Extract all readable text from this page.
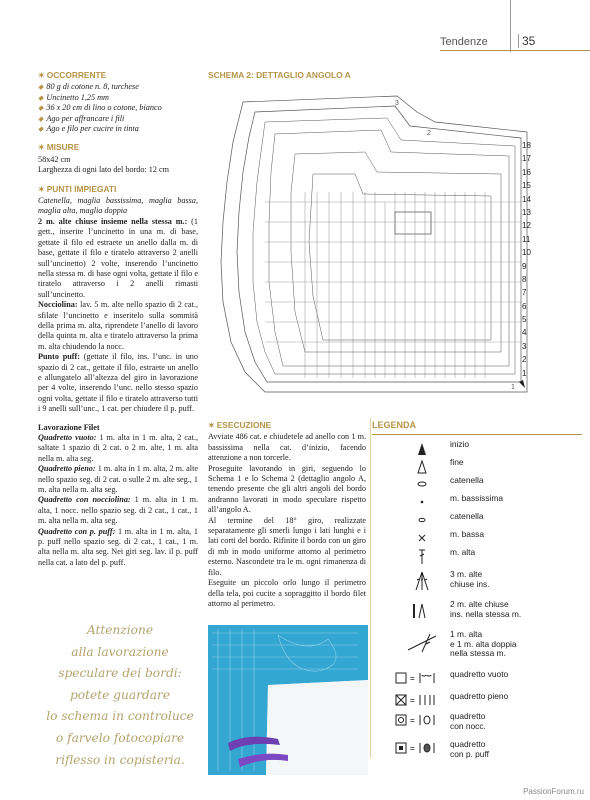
Tendenze	35
✶ OCCORRENTE
◆ 80 g di cotone n. 8, turchese
◆ Uncinetto 1,25 mm
◆ 36 x 20 cm di lino o cotone, bianco
◆ Ago per affrancare i fili
◆ Ago e filo per cucire in tinta
✶ MISURE

58x42 cm

Larghezza di ogni lato del bordo: 12 cm

✶ PUNTI IMPIEGATI

Catenella, maglia bassissima, maglia bassa, maglia alta, maglia doppia

2 m. alte chiuse insieme nella stessa m.: (1 gett., inserite l’uncinetto in una m. di base, gettate il filo ed estraete un anello dalla m. di base, gettate il filo e tiratelo attraverso 2 anelli sull’uncinetto) 2 volte, inserendo l’uncinetto nella stessa m. di base ogni volta, gettate il filo e tiratelo attraverso i 2 anelli rimasti sull’uncinetto.

Nocciolina: lav. 5 m. alte nello spazio di 2 cat., sfilate l’uncinetto e inseritelo sulla sommità della prima m. alta, riprendete l’anello di lavoro della quinta m. alta e tiratelo attraverso la prima m. alta chiudendo la nocc.

Punto puff: (gettate il filo, ins. l’unc. in uno spazio di 2 cat., gettate il filo, estraete un anello e allungatelo all’altezza del giro in lavorazione per 4 volte, inserendo l’unc. nello stesso spazio ogni volta, gettate il filo e tiratelo attraverso tutti i 9 anelli sull’unc., 1 cat. per chiudere il p. puff.

Lavorazione Filet

Quadretto vuoto: 1 m. alta in 1 m. alta, 2 cat., saltate 1 spazio di 2 cat. o 2 m. alte, 1 m. alta nella m. alta seg.

Quadretto pieno: 1 m. alta in 1 m. alta, 2 m. alte nello spazio seg. di 2 cat. o sulle 2 m. alte seg., 1 m. alta nella m. alta seg.

Quadretto con nocciolina: 1 m. alta in 1 m. alta, 1 nocc. nello spazio seg. di 2 cat., 1 cat., 1 m. alta nella m. alta seg.

Quadretto con p. puff: 1 m. alta in 1 m. alta, 1 p. puff nello spazio seg. di 2 cat., 1 cat., 1 m. alta nella m. alta seg. Nei giri seg. lav. il p. puff nella cat. a lato del p. puff.

Attenzione
alla lavorazione
speculare dei bordi:
potete guardare
lo schema in controluce
o farvelo fotocopiare
riflesso in copisteria.
SCHEMA 2: DETTAGLIO ANGOLO A
3
2
1
18
17
16
15
14
13
12
11
10
9
8
7
6
5
4
3
2
1
✶ ESECUZIONE

Avviate 486 cat. e chiudetele ad anello con 1 m. bassissima nella cat. d’inizio, facendo attenzione a non torcerle.

Proseguite lavorando in giri, seguendo lo Schema 1 e lo Schema 2 (dettaglio angolo A, tenendo presente che gli altri angoli del bordo andranno lavorati in modo speculare rispetto all’angolo A.

Al termine del 18° giro, realizzate separatamente gli smerli lungo i lati lunghi e i lati corti del bordo. Rifinite il bordo con un giro di mb in modo uniforme attorno al perimetro esterno. Nascondete tra le m. ogni rimanenza di filo.

Eseguite un piccolo orlo lungo il perimetro della tela, poi cucite a sopraggitto il bordo filet attorno al perimetro.

LEGENDA
inizio
fine
catenella
m. bassissima
catenella
m. bassa
m. alta
3 m. alte
chiuse ins.
2 m. alte chiuse
ins. nella stessa m.
1 m. alta
e 1 m. alta doppia
nella stessa m.
=	quadretto vuoto
=	quadretto pieno
=	quadretto
con nocc.
=	quadretto
con p. puff
PassionForum.ru
